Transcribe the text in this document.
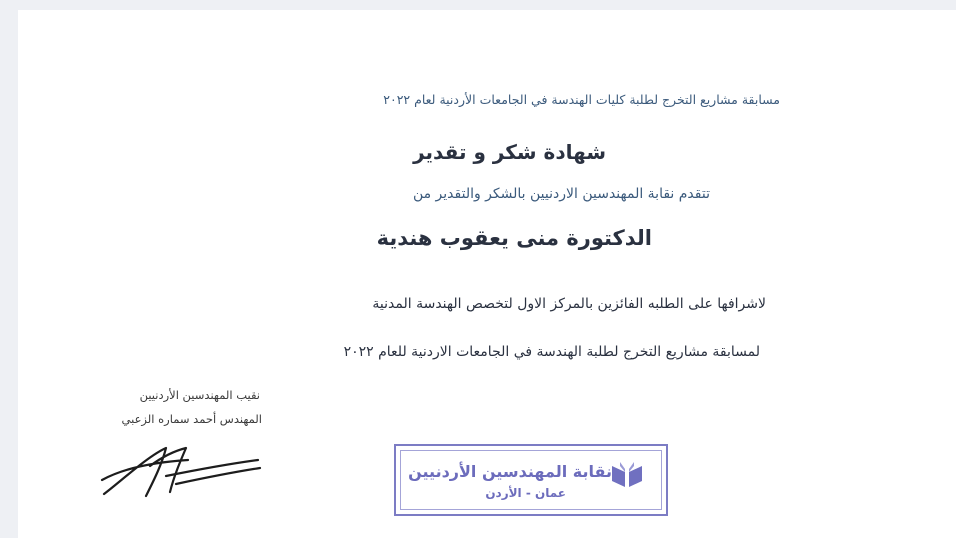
مسابقة مشاريع التخرج لطلبة كليات الهندسة في الجامعات الأردنية لعام ٢٠٢٢
شهادة شكر و تقدير
تتقدم نقابة المهندسين الاردنيين بالشكر والتقدير من
الدكتورة منى يعقوب هندية
لاشرافها على الطلبه الفائزين بالمركز الاول لتخصص الهندسة المدنية
لمسابقة مشاريع التخرج لطلبة الهندسة في الجامعات الاردنية للعام ٢٠٢٢
نقيب المهندسين الأردنيين
المهندس أحمد سماره الزعبي
نقابة المهندسين الأردنيين
عمان - الأردن
